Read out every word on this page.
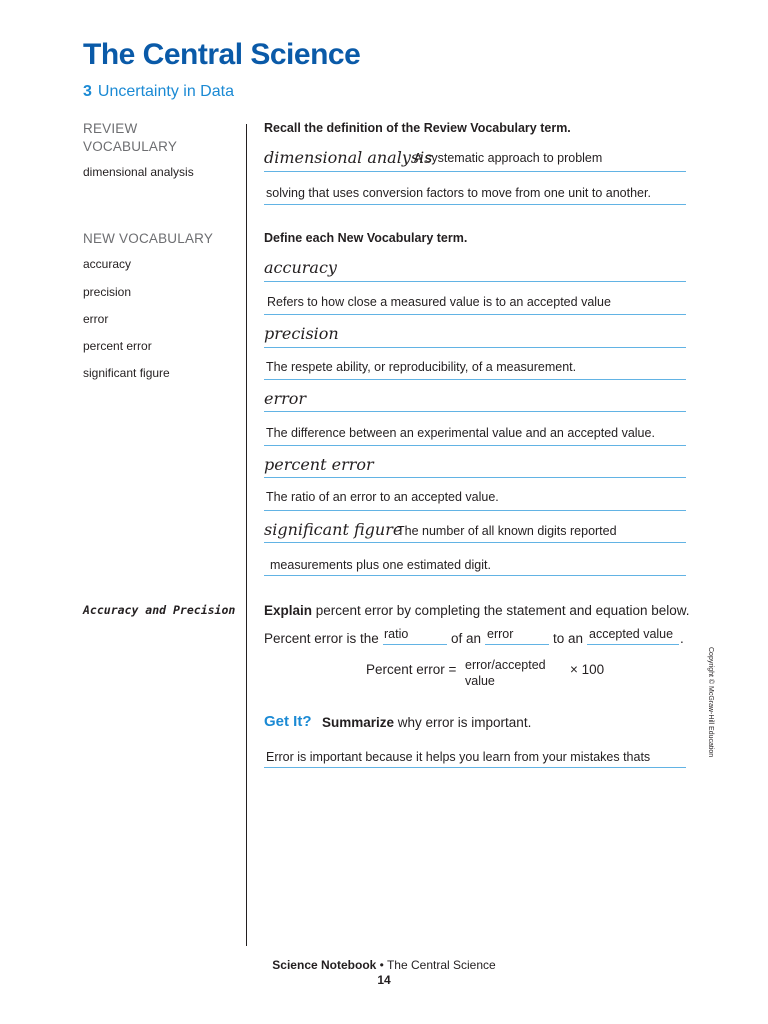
The Central Science
3 Uncertainty in Data
REVIEW
VOCABULARY
dimensional analysis
NEW VOCABULARY
accuracy
precision
error
percent error
significant figure
Accuracy and Precision
Recall the definition of the Review Vocabulary term.
dimensional analysis
A systematic approach to problem
solving that uses conversion factors to move from one unit to another.
Define each New Vocabulary term.
accuracy
Refers to how close a measured value is to an accepted value
precision
The respete ability, or reproducibility, of a measurement.
error
The difference between an experimental value and an accepted value.
percent error
The ratio of an error to an accepted value.
significant figure
The number of all known digits reported
measurements plus one estimated digit.
Explain percent error by completing the statement and equation below.
Percent error is the ratio	of an error	to an accepted value .
Percent error = error/accepted
value
× 100
Get It? Summarize why error is important.
Error is important because it helps you learn from your mistakes thats	Copyright © McGraw-Hill Education
Science Notebook • The Central Science
14
